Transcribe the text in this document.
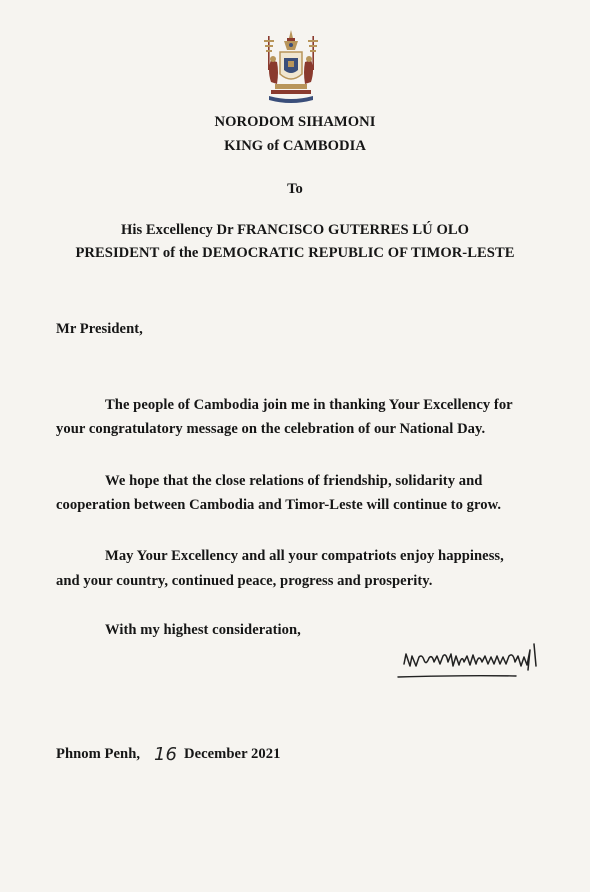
NORODOM SIHAMONI
KING of CAMBODIA
To
His Excellency Dr FRANCISCO GUTERRES LÚ OLO
PRESIDENT of the DEMOCRATIC REPUBLIC OF TIMOR-LESTE
Mr President,
The people of Cambodia join me in thanking Your Excellency for
your congratulatory message on the celebration of our National Day.
We hope that the close relations of friendship, solidarity and
cooperation between Cambodia and Timor-Leste will continue to grow.
May Your Excellency and all your compatriots enjoy happiness,
and your country, continued peace, progress and prosperity.
With my highest consideration,
Phnom Penh, 16 December 2021
